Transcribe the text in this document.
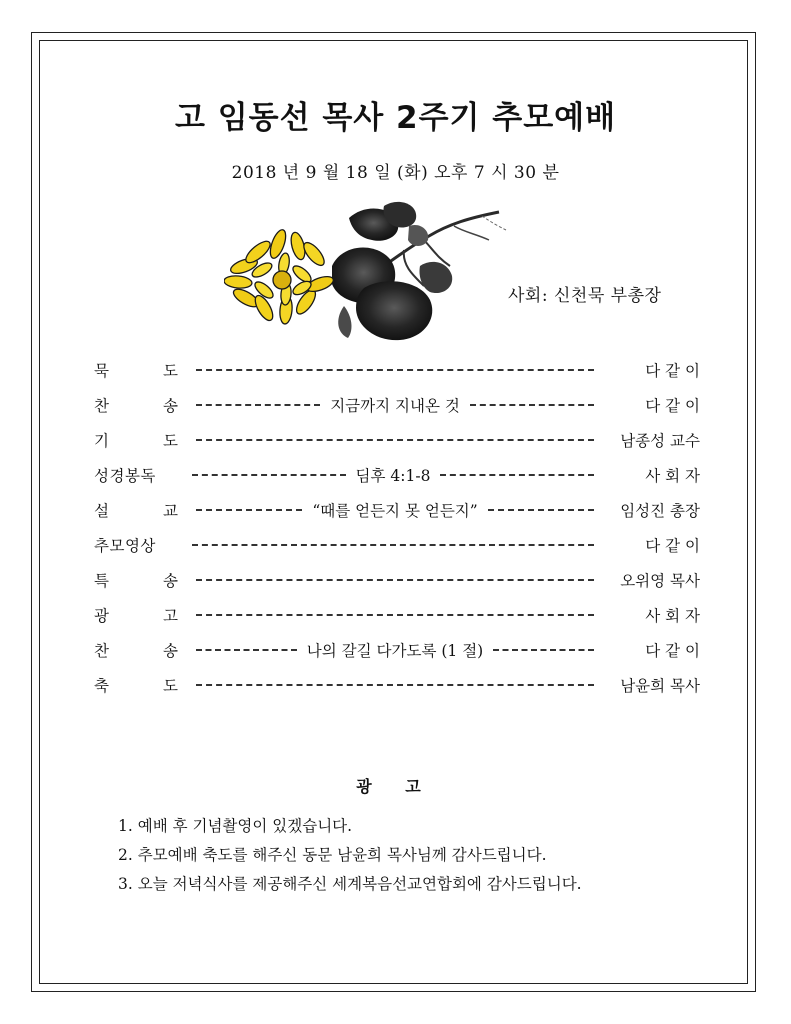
고 임동선 목사 2주기 추모예배
2018 년 9 월 18 일 (화) 오후 7 시 30 분
사회: 신천묵 부총장
묵	도	다 같 이
찬	송	지금까지 지내온 것	다 같 이
기	도	남종성 교수
성경봉독	딤후 4:1-8	사 회 자
설	교	“때를 얻든지 못 얻든지”	임성진 총장
추모영상	다 같 이
특	송	오위영 목사
광	고	사 회 자
찬	송	나의 갈길 다가도록 (1 절)	다 같 이
축	도	남윤희 목사
광 고
1. 예배 후 기념촬영이 있겠습니다.
2. 추모예배 축도를 해주신 동문 남윤희 목사님께 감사드립니다.
3. 오늘 저녁식사를 제공해주신 세계복음선교연합회에 감사드립니다.
